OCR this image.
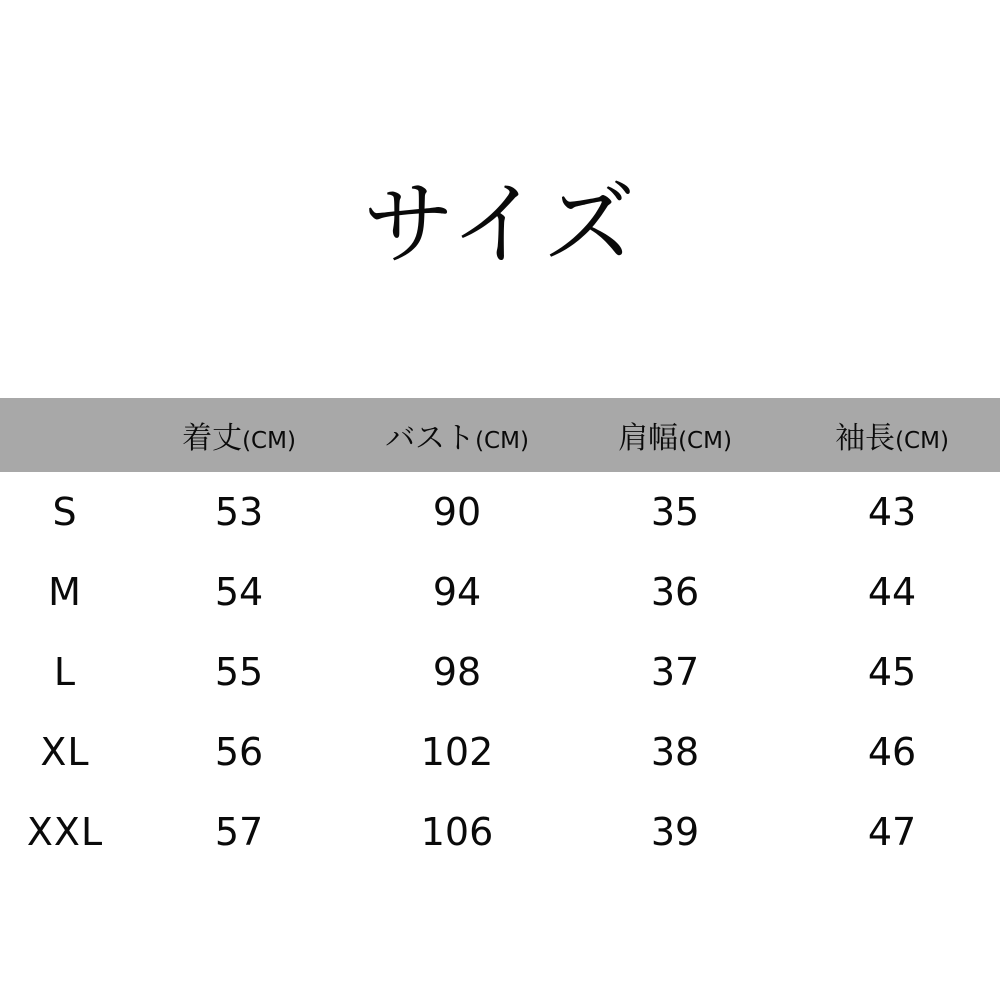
サイズ
	着丈(CM)	バスト(CM)	肩幅(CM)	袖長(CM)
S	53	90	35	43
M	54	94	36	44
L	55	98	37	45
XL	56	102	38	46
XXL	57	106	39	47
